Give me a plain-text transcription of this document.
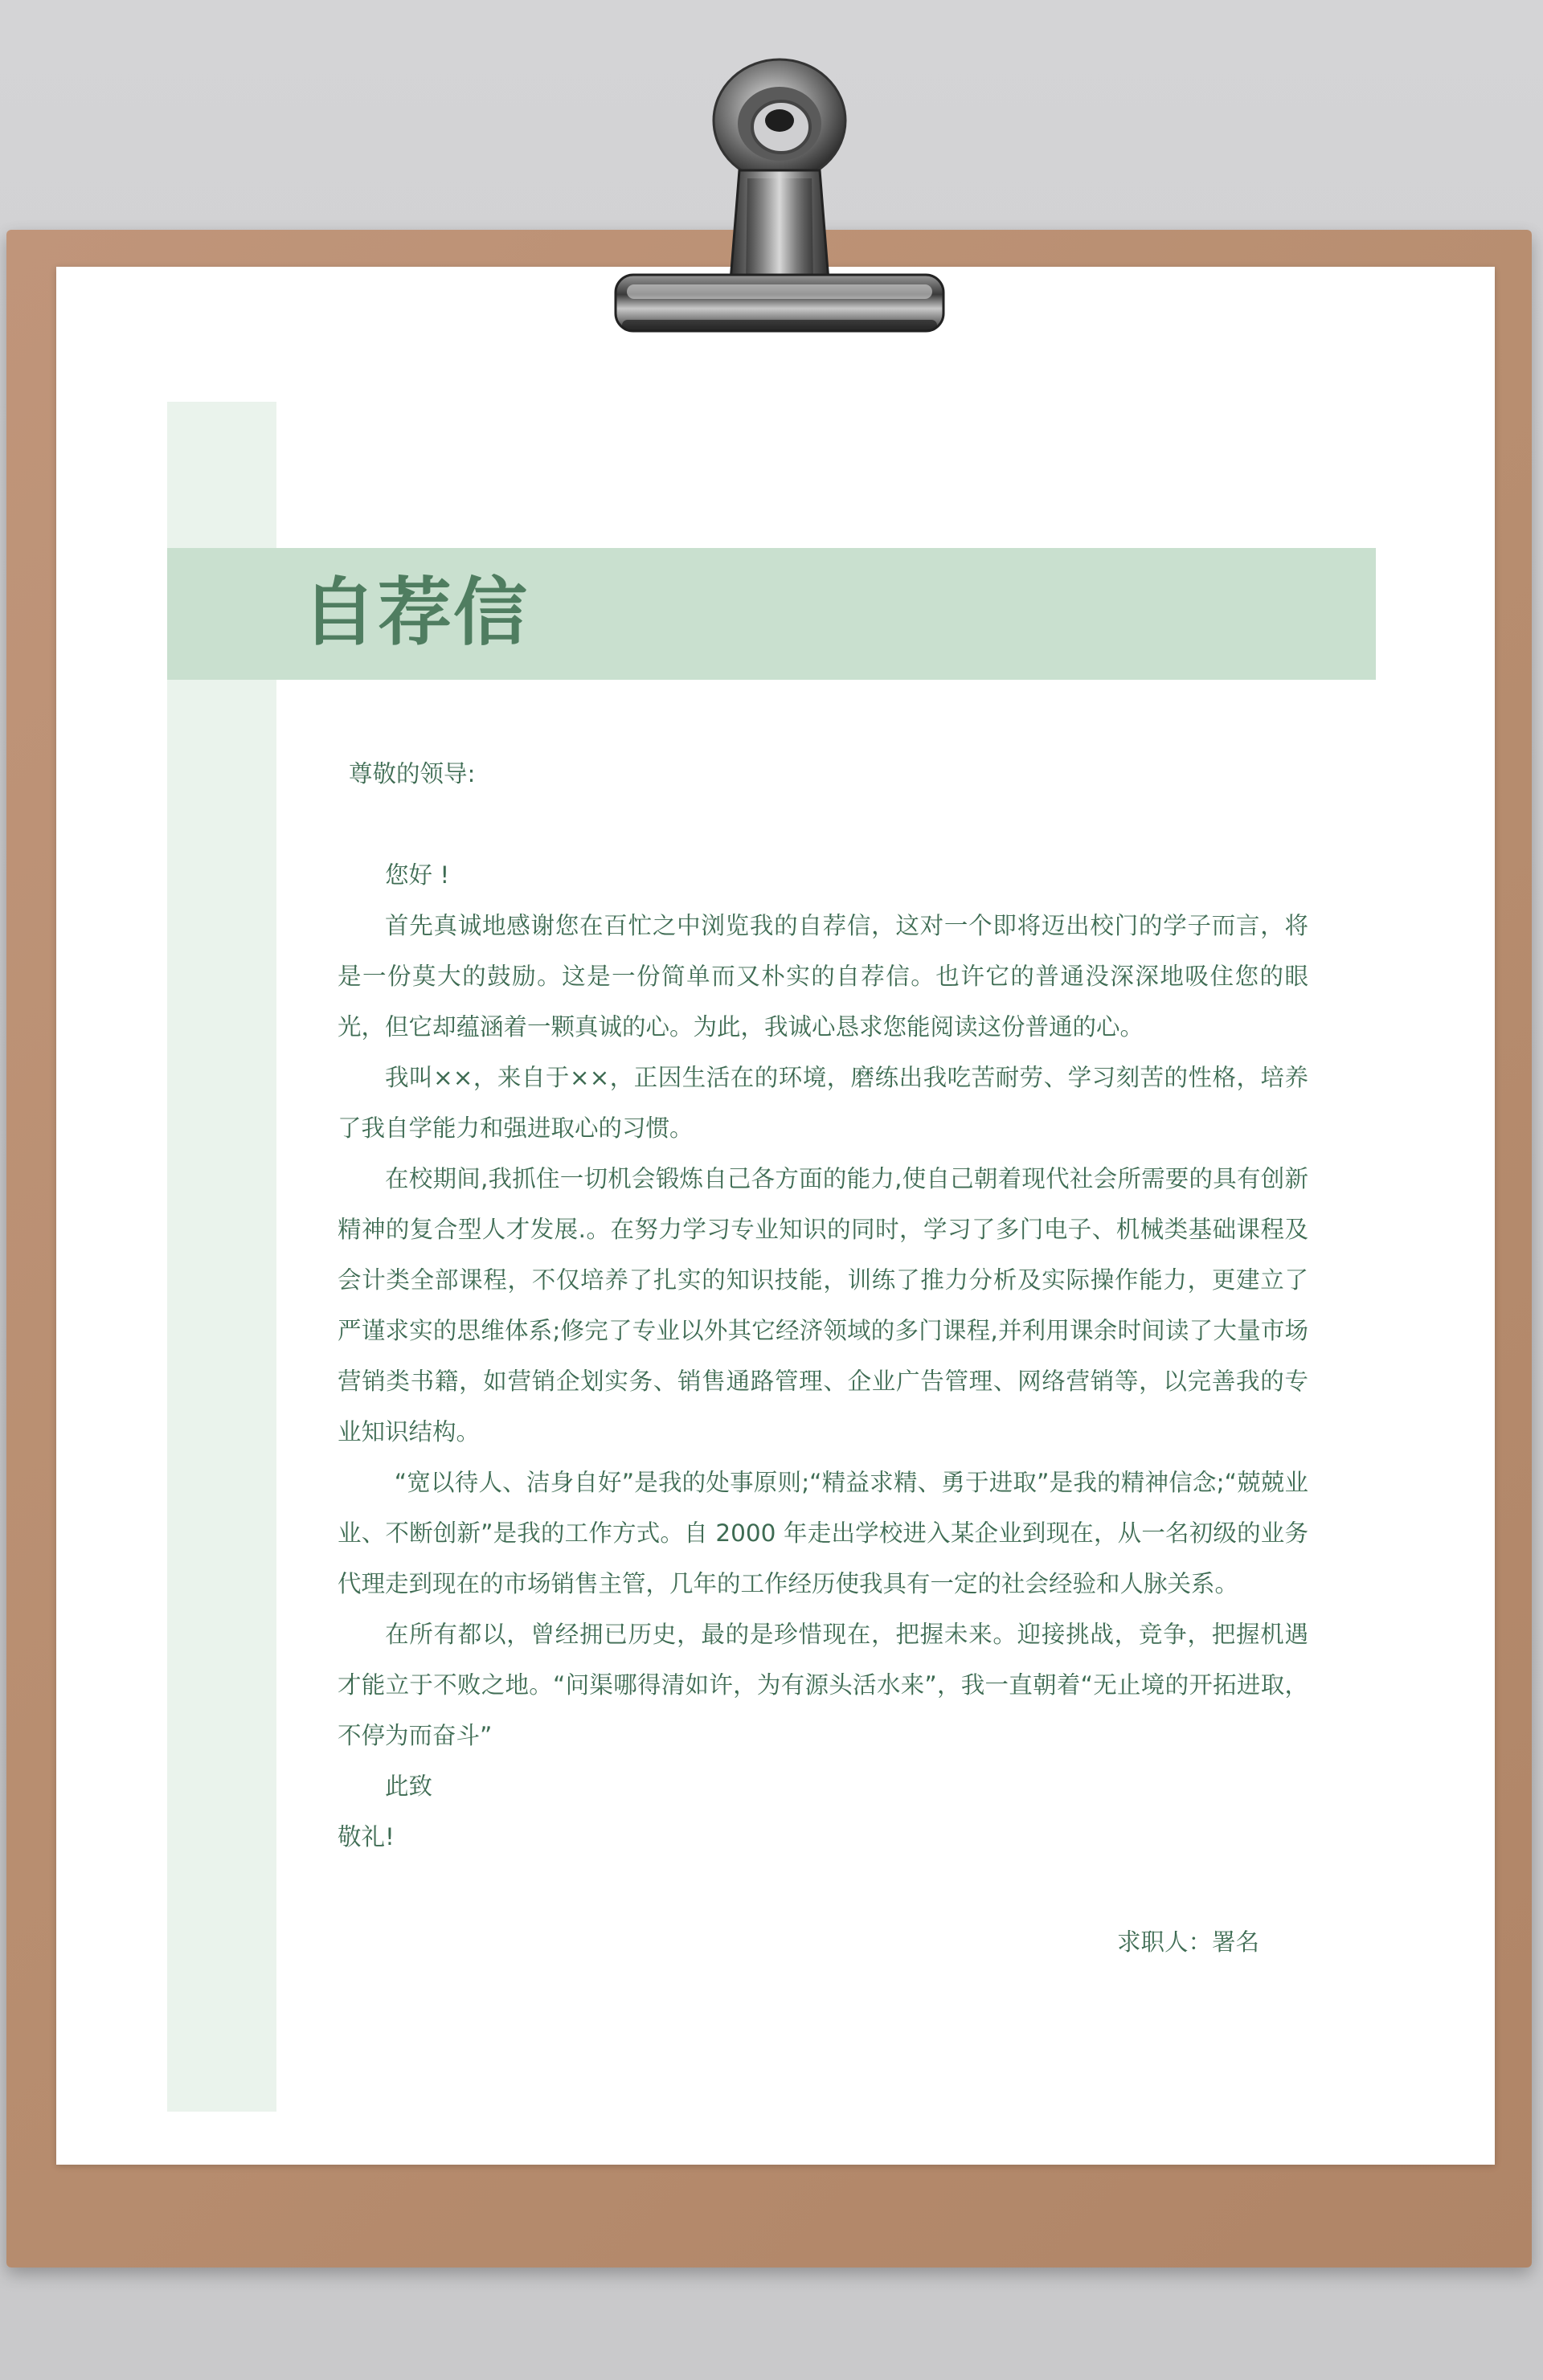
自荐信
尊敬的领导:

您好 !

首先真诚地感谢您在百忙之中浏览我的自荐信，这对一个即将迈出校门的学子而言，将是一份莫大的鼓励。这是一份简单而又朴实的自荐信。也许它的普通没深深地吸住您的眼光，但它却蕴涵着一颗真诚的心。为此，我诚心恳求您能阅读这份普通的心。

我叫××，来自于××，正因生活在的环境，磨练出我吃苦耐劳、学习刻苦的性格，培养了我自学能力和强进取心的习惯。

在校期间,我抓住一切机会锻炼自己各方面的能力,使自己朝着现代社会所需要的具有创新精神的复合型人才发展.。在努力学习专业知识的同时，学习了多门电子、机械类基础课程及会计类全部课程，不仅培养了扎实的知识技能，训练了推力分析及实际操作能力，更建立了严谨求实的思维体系;修完了专业以外其它经济领域的多门课程,并利用课余时间读了大量市场营销类书籍，如营销企划实务、销售通路管理、企业广告管理、网络营销等，以完善我的专业知识结构。

“宽以待人、洁身自好”是我的处事原则;“精益求精、勇于进取”是我的精神信念;“兢兢业业、不断创新”是我的工作方式。自 2000 年走出学校进入某企业到现在，从一名初级的业务代理走到现在的市场销售主管，几年的工作经历使我具有一定的社会经验和人脉关系。

在所有都以，曾经拥已历史，最的是珍惜现在，把握未来。迎接挑战，竞争，把握机遇才能立于不败之地。“问渠哪得清如许，为有源头活水来”，我一直朝着“无止境的开拓进取，不停为而奋斗”

此致

敬礼!

求职人：署名
